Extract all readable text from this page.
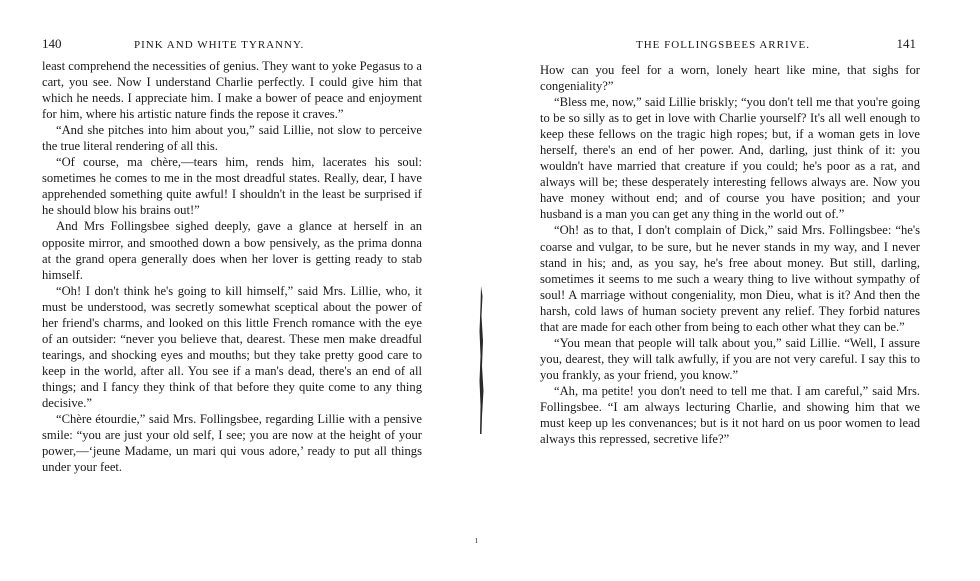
140	PINK AND WHITE TYRANNY.

least comprehend the necessities of genius. They want to yoke Pegasus to a cart, you see. Now I understand Charlie perfectly. I could give him that which he needs. I appreciate him. I make a bower of peace and enjoyment for him, where his artistic nature finds the repose it craves.”

“And she pitches into him about you,” said Lillie, not slow to perceive the true literal rendering of all this.

“Of course, ma chère,—tears him, rends him, lacerates his soul: sometimes he comes to me in the most dreadful states. Really, dear, I have apprehended something quite awful! I shouldn't in the least be surprised if he should blow his brains out!”

And Mrs Follingsbee sighed deeply, gave a glance at herself in an opposite mirror, and smoothed down a bow pensively, as the prima donna at the grand opera generally does when her lover is getting ready to stab himself.

“Oh! I don't think he's going to kill himself,” said Mrs. Lillie, who, it must be understood, was secretly somewhat sceptical about the power of her friend's charms, and looked on this little French romance with the eye of an outsider: “never you believe that, dearest. These men make dreadful tearings, and shocking eyes and mouths; but they take pretty good care to keep in the world, after all. You see if a man's dead, there's an end of all things; and I fancy they think of that before they quite come to any thing decisive.”

“Chère étourdie,” said Mrs. Follingsbee, regarding Lillie with a pensive smile: “you are just your old self, I see; you are now at the height of your power,—‘jeune Madame, un mari qui vous adore,’ ready to put all things under your feet.

ı
THE FOLLINGSBEES ARRIVE.	141

How can you feel for a worn, lonely heart like mine, that sighs for congeniality?”

“Bless me, now,” said Lillie briskly; “you don't tell me that you're going to be so silly as to get in love with Charlie yourself? It's all well enough to keep these fellows on the tragic high ropes; but, if a woman gets in love herself, there's an end of her power. And, darling, just think of it: you wouldn't have married that creature if you could; he's poor as a rat, and always will be; these desperately interesting fellows always are. Now you have money without end; and of course you have position; and your husband is a man you can get any thing in the world out of.”

“Oh! as to that, I don't complain of Dick,” said Mrs. Follingsbee: “he's coarse and vulgar, to be sure, but he never stands in my way, and I never stand in his; and, as you say, he's free about money. But still, darling, sometimes it seems to me such a weary thing to live without sympathy of soul! A marriage without congeniality, mon Dieu, what is it? And then the harsh, cold laws of human society prevent any relief. They forbid natures that are made for each other from being to each other what they can be.”

“You mean that people will talk about you,” said Lillie. “Well, I assure you, dearest, they will talk awfully, if you are not very careful. I say this to you frankly, as your friend, you know.”

“Ah, ma petite! you don't need to tell me that. I am careful,” said Mrs. Follingsbee. “I am always lecturing Charlie, and showing him that we must keep up les convenances; but is it not hard on us poor women to lead always this repressed, secretive life?”
